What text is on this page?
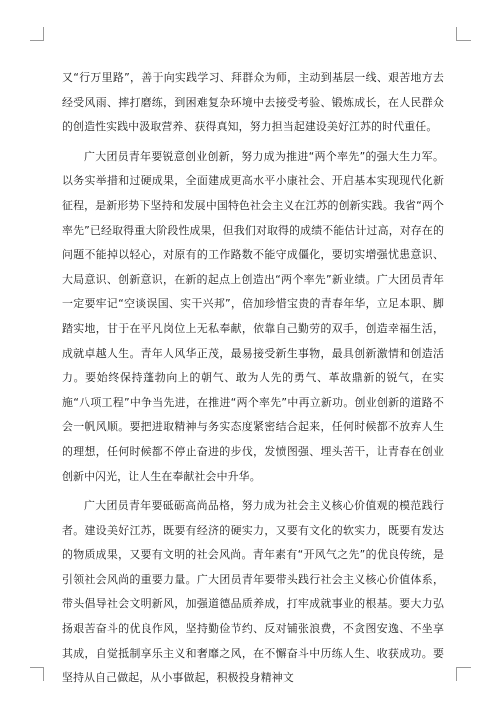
又“行万里路”，善于向实践学习、拜群众为师，主动到基层一线、艰苦地方去经受风雨、摔打磨练，到困难复杂环境中去接受考验、锻炼成长，在人民群众的创造性实践中汲取营养、获得真知，努力担当起建设美好江苏的时代重任。

广大团员青年要锐意创业创新，努力成为推进“两个率先”的强大生力军。以务实举措和过硬成果，全面建成更高水平小康社会、开启基本实现现代化新征程，是新形势下坚持和发展中国特色社会主义在江苏的创新实践。我省“两个率先”已经取得重大阶段性成果，但我们对取得的成绩不能估计过高，对存在的问题不能掉以轻心，对原有的工作路数不能守成僵化，要切实增强忧患意识、大局意识、创新意识，在新的起点上创造出“两个率先”新业绩。广大团员青年一定要牢记“空谈误国、实干兴邦”，倍加珍惜宝贵的青春年华，立足本职、脚踏实地，甘于在平凡岗位上无私奉献，依靠自己勤劳的双手，创造幸福生活，成就卓越人生。青年人风华正茂，最易接受新生事物，最具创新激情和创造活力。要始终保持蓬勃向上的朝气、敢为人先的勇气、革故鼎新的锐气，在实施“八项工程”中争当先进，在推进“两个率先”中再立新功。创业创新的道路不会一帆风顺。要把进取精神与务实态度紧密结合起来，任何时候都不放弃人生的理想，任何时候都不停止奋进的步伐，发愤图强、埋头苦干，让青春在创业创新中闪光，让人生在奉献社会中升华。

广大团员青年要砥砺高尚品格，努力成为社会主义核心价值观的模范践行者。建设美好江苏，既要有经济的硬实力，又要有文化的软实力，既要有发达的物质成果，又要有文明的社会风尚。青年素有“开风气之先”的优良传统，是引领社会风尚的重要力量。广大团员青年要带头践行社会主义核心价值体系，带头倡导社会文明新风，加强道德品质养成，打牢成就事业的根基。要大力弘扬艰苦奋斗的优良作风，坚持勤俭节约、反对铺张浪费，不贪图安逸、不坐享其成，自觉抵制享乐主义和奢靡之风，在不懈奋斗中历练人生、收获成功。要坚持从自己做起，从小事做起，积极投身精神文
